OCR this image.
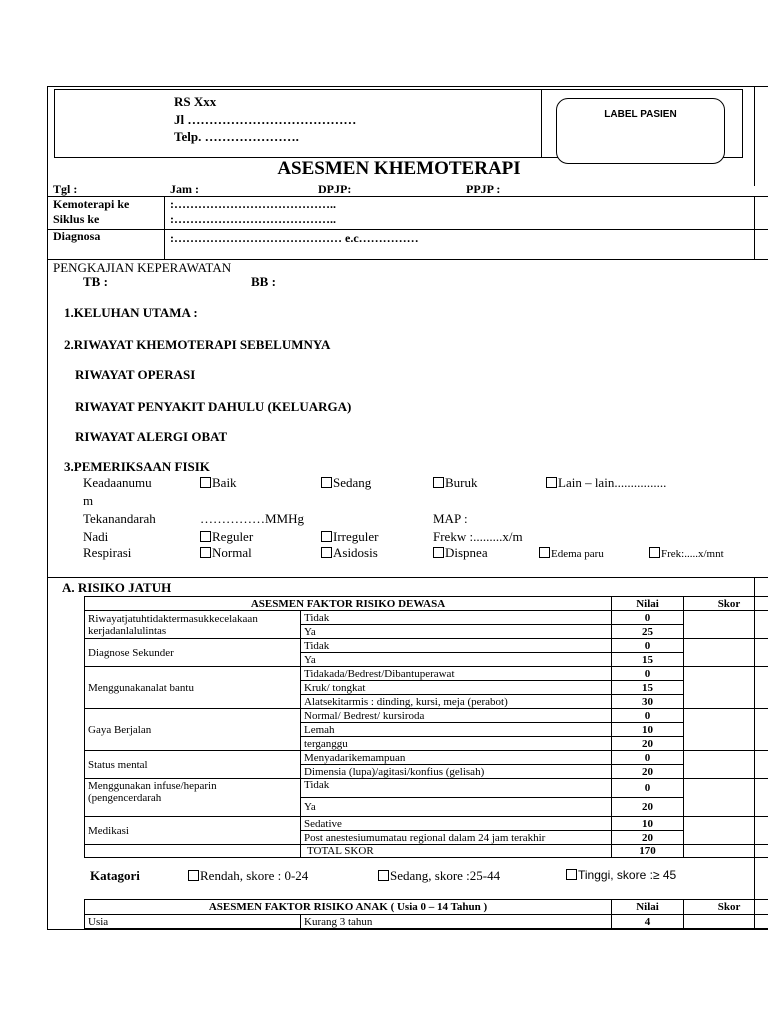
RS Xxx
Jl …………………………………
Telp. ………………….
LABEL PASIEN
ASESMEN KHEMOTERAPI
Tgl :	Jam :	DPJP:	PPJP :
Kemoterapi ke	:…………………………………..
Siklus ke	:…………………………………..
Diagnosa	:…………………………………… e.c……………
PENGKAJIAN KEPERAWATAN
TB :	BB :
1.KELUHAN UTAMA :
2.RIWAYAT KHEMOTERAPI SEBELUMNYA
RIWAYAT OPERASI
RIWAYAT PENYAKIT DAHULU (KELUARGA)
RIWAYAT ALERGI OBAT
3.PEMERIKSAAN FISIK
Keadaanumu
m
Baik	Sedang	Buruk	Lain – lain................
Tekanandarah	……………MMHg	MAP :
Nadi	Reguler	Irreguler	Frekw :.........x/m
Respirasi	Normal	Asidosis	Dispnea	Edema paru	Frek:.....x/mnt
A. RISIKO JATUH
ASESMEN FAKTOR RISIKO DEWASA		Nilai	Skor

Riwayatjatuhtidaktermasukkecelakaan
kerjadanlalulintas	Tidak	0	
	Ya	25	
Diagnose Sekunder	Tidak	0	
	Ya	15	
Menggunakanalat bantu	Tidakada/Bedrest/Dibantuperawat	0	
	Kruk/ tongkat	15	
	Alatsekitarmis : dinding, kursi, meja (perabot)	30	
Gaya Berjalan	Normal/ Bedrest/ kursiroda	0	
	Lemah	10	
	terganggu	20	
Status mental	Menyadarikemampuan	0	
	Dimensia (lupa)/agitasi/konfius (gelisah)	20	

Menggunakan infuse/heparin
(pengencerdarah	Tidak	0	
	Ya	20	
Medikasi	Sedative	10	
	Post anestesiumumatau regional dalam 24 jam terakhir	20	
	TOTAL SKOR	170	
Katagori	Rendah, skore : 0-24	Sedang, skore :25-44	Tinggi, skore :≥ 45
ASESMEN FAKTOR RISIKO ANAK ( Usia 0 – 14 Tahun )		Nilai	Skor
Usia	Kurang 3 tahun	4	
